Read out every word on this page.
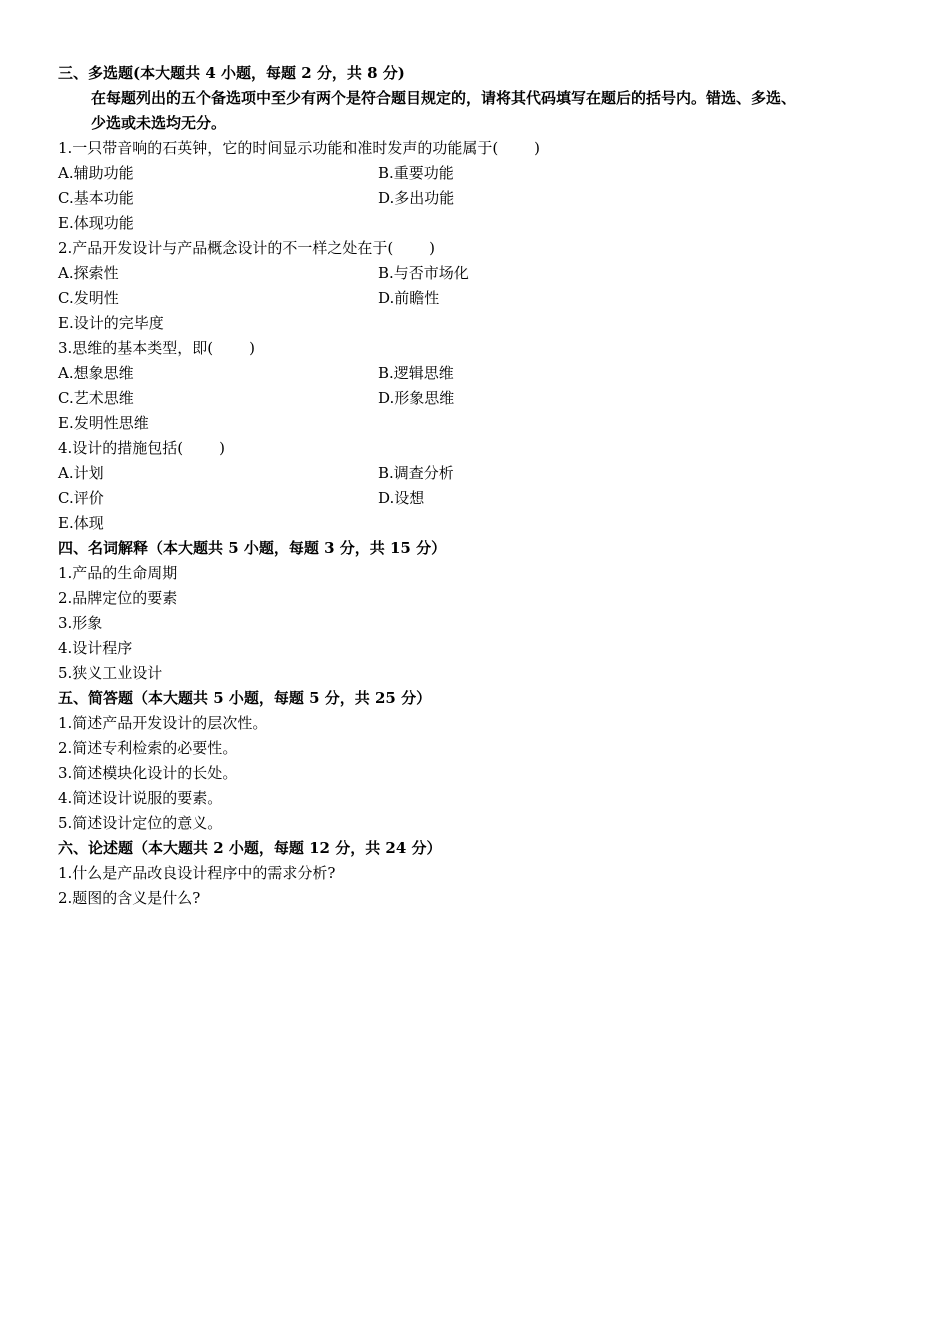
三、多选题(本大题共 4 小题，每题 2 分，共 8 分)
在每题列出的五个备选项中至少有两个是符合题目规定的，请将其代码填写在题后的括号内。错选、多选、
少选或未选均无分。
1.一只带音响的石英钟，它的时间显示功能和准时发声的功能属于( )
A.辅助功能	B.重要功能
C.基本功能	D.多出功能
E.体现功能
2.产品开发设计与产品概念设计的不一样之处在于( )
A.探索性	B.与否市场化
C.发明性	D.前瞻性
E.设计的完毕度
3.思维的基本类型，即( )
A.想象思维	B.逻辑思维
C.艺术思维	D.形象思维
E.发明性思维
4.设计的措施包括( )
A.计划	B.调查分析
C.评价	D.设想
E.体现
四、名词解释（本大题共 5 小题，每题 3 分，共 15 分）
1.产品的生命周期
2.品牌定位的要素
3.形象
4.设计程序
5.狭义工业设计
五、简答题（本大题共 5 小题，每题 5 分，共 25 分）
1.简述产品开发设计的层次性。
2.简述专利检索的必要性。
3.简述模块化设计的长处。
4.简述设计说服的要素。
5.简述设计定位的意义。
六、论述题（本大题共 2 小题，每题 12 分，共 24 分）
1.什么是产品改良设计程序中的需求分析?
2.题图的含义是什么?
